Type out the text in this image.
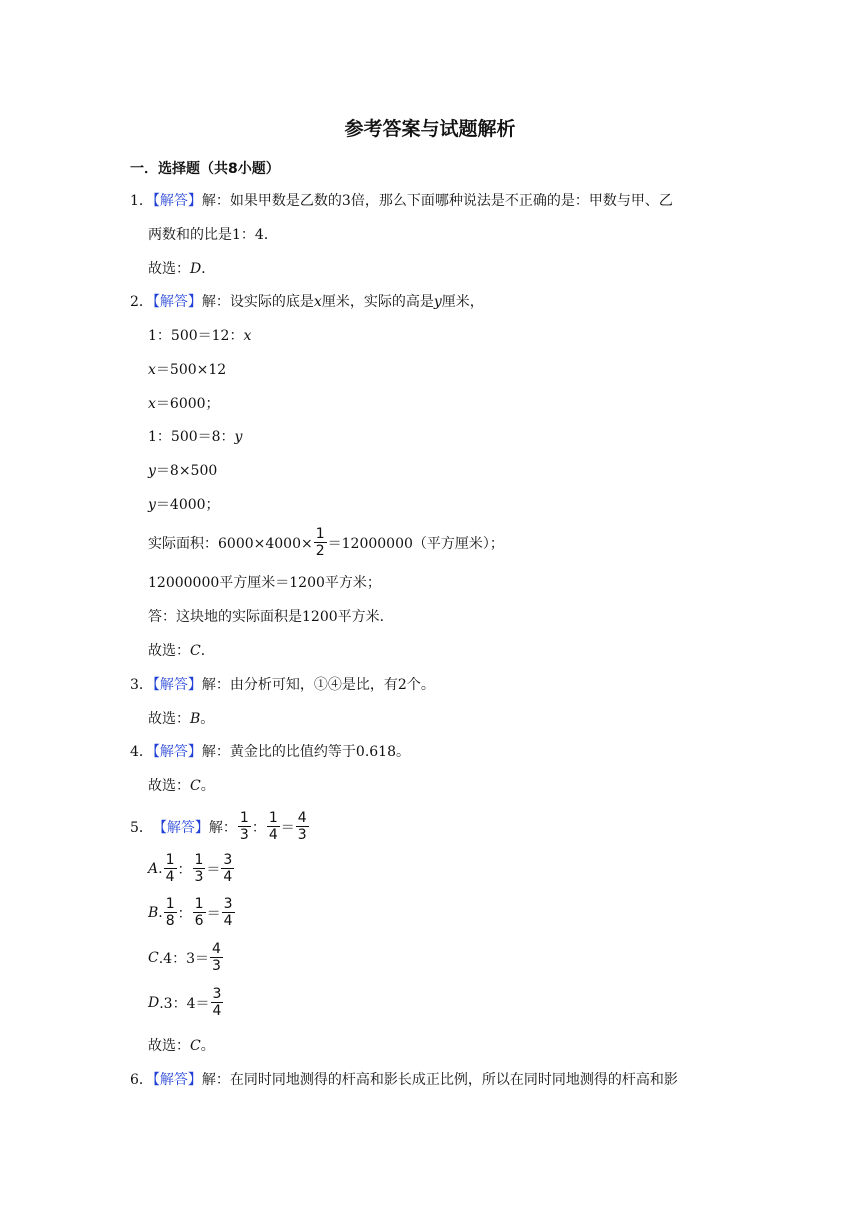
参考答案与试题解析
一．选择题（共8小题）
1．【解答】解：如果甲数是乙数的3倍，那么下面哪种说法是不正确的是：甲数与甲、乙
两数和的比是1：4．
故选：D．
2．【解答】解：设实际的底是x厘米，实际的高是y厘米，
1：500＝12：x
x＝500×12
x＝6000；
1：500＝8：y
y＝8×500
y＝4000；
实际面积：$6000\times 4000\times \frac{1}{2} =12000000$（平方厘米）；
12000000平方厘米＝1200平方米；
答：这块地的实际面积是1200平方米．
故选：C．
3．【解答】解：由分析可知，①④是比，有2个。
故选：B。
4．【解答】解：黄金比的比值约等于0.618。
故选：C。
5． 【解答】 解： $\frac{1}{3}$ ： $\frac{1}{4} = \frac{4}{3}$
A . $\frac{1}{4}$ ： $\frac{1}{3} = \frac{3}{4}$
B . $\frac{1}{8}$ ： $\frac{1}{6} = \frac{3}{4}$
C .4：$3= \frac{4}{3}$
D .3：$4= \frac{3}{4}$
故选：C。
6．【解答】解：在同时同地测得的杆高和影长成正比例，所以在同时同地测得的杆高和影
